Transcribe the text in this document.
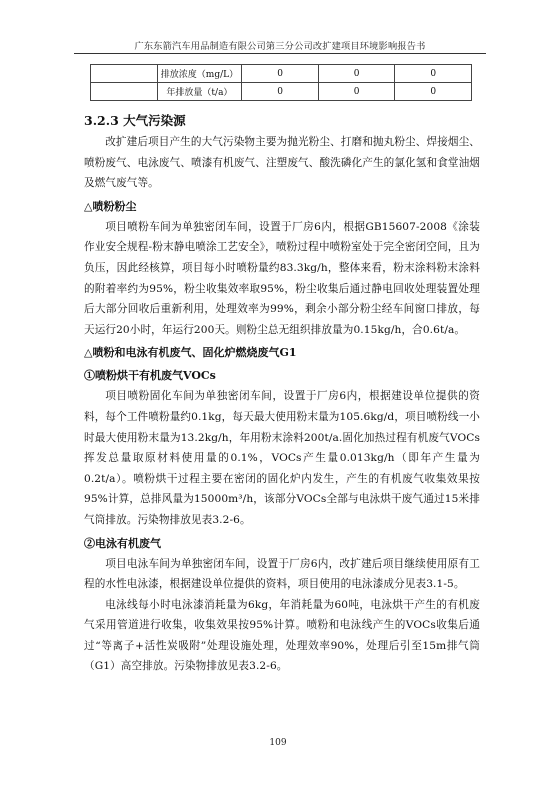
广东东箭汽车用品制造有限公司第三分公司改扩建项目环境影响报告书
	排放浓度（mg/L）	0	0	0
	年排放量（t/a）	0	0	0
3.2.3 大气污染源

改扩建后项目产生的大气污染物主要为抛光粉尘、打磨和抛丸粉尘、焊接烟尘、喷粉废气、电泳废气、喷漆有机废气、注塑废气、酸洗磷化产生的氯化氢和食堂油烟及燃气废气等。

△喷粉粉尘

项目喷粉车间为单独密闭车间，设置于厂房6内，根据GB15607-2008《涂装作业安全规程-粉末静电喷涂工艺安全》，喷粉过程中喷粉室处于完全密闭空间，且为负压，因此经核算，项目每小时喷粉量约83.3kg/h，整体来看，粉末涂料粉末涂料的附着率约为95%，粉尘收集效率取95%，粉尘收集后通过静电回收处理装置处理后大部分回收后重新利用，处理效率为99%，剩余小部分粉尘经车间窗口排放，每天运行20小时，年运行200天。则粉尘总无组织排放量为0.15kg/h，合0.6t/a。

△喷粉和电泳有机废气、固化炉燃烧废气G1
①喷粉烘干有机废气VOCs

项目喷粉固化车间为单独密闭车间，设置于厂房6内，根据建设单位提供的资料，每个工件喷粉量约0.1kg，每天最大使用粉末量为105.6kg/d，项目喷粉线一小时最大使用粉末量为13.2kg/h，年用粉末涂料200t/a.固化加热过程有机废气VOCs挥发总量取原材料使用量的0.1%，VOCs产生量0.013kg/h（即年产生量为0.2t/a）。喷粉烘干过程主要在密闭的固化炉内发生，产生的有机废气收集效果按95%计算，总排风量为15000m³/h，该部分VOCs全部与电泳烘干废气通过15米排气筒排放。污染物排放见表3.2-6。

②电泳有机废气

项目电泳车间为单独密闭车间，设置于厂房6内，改扩建后项目继续使用原有工程的水性电泳漆，根据建设单位提供的资料，项目使用的电泳漆成分见表3.1-5。

电泳线每小时电泳漆消耗量为6kg，年消耗量为60吨，电泳烘干产生的有机废气采用管道进行收集，收集效果按95%计算。喷粉和电泳线产生的VOCs收集后通过“等离子+活性炭吸附”处理设施处理，处理效率90%，处理后引至15m排气筒（G1）高空排放。污染物排放见表3.2-6。

109
